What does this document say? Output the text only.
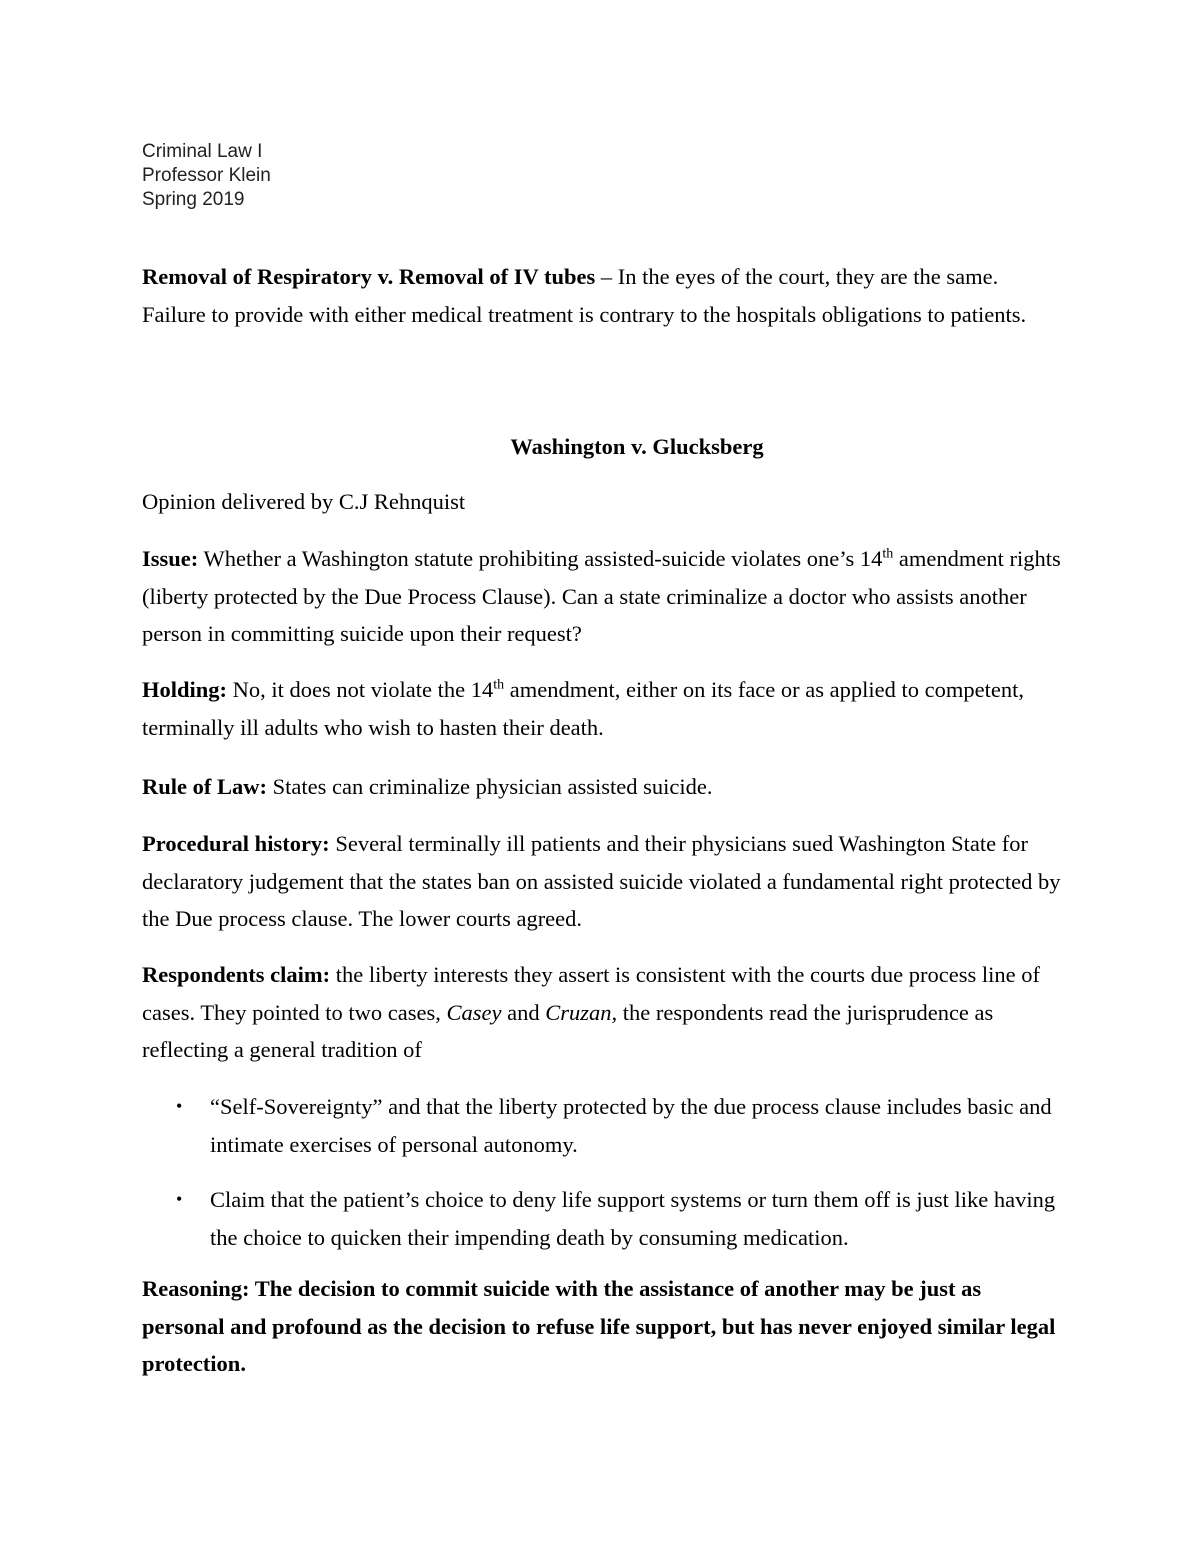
Criminal Law I
Professor Klein
Spring 2019

Removal of Respiratory v. Removal of IV tubes – In the eyes of the court, they are the same. Failure to provide with either medical treatment is contrary to the hospitals obligations to patients.

Washington v. Glucksberg

Opinion delivered by C.J Rehnquist

Issue: Whether a Washington statute prohibiting assisted-suicide violates one’s 14th amendment rights (liberty protected by the Due Process Clause). Can a state criminalize a doctor who assists another person in committing suicide upon their request?

Holding: No, it does not violate the 14th amendment, either on its face or as applied to competent, terminally ill adults who wish to hasten their death.

Rule of Law: States can criminalize physician assisted suicide.

Procedural history: Several terminally ill patients and their physicians sued Washington State for declaratory judgement that the states ban on assisted suicide violated a fundamental right protected by the Due process clause. The lower courts agreed.

Respondents claim: the liberty interests they assert is consistent with the courts due process line of cases. They pointed to two cases, Casey and Cruzan, the respondents read the jurisprudence as reflecting a general tradition of

• “Self-Sovereignty” and that the liberty protected by the due process clause includes basic and intimate exercises of personal autonomy.
• Claim that the patient’s choice to deny life support systems or turn them off is just like having the choice to quicken their impending death by consuming medication.

Reasoning: The decision to commit suicide with the assistance of another may be just as personal and profound as the decision to refuse life support, but has never enjoyed similar legal protection.
